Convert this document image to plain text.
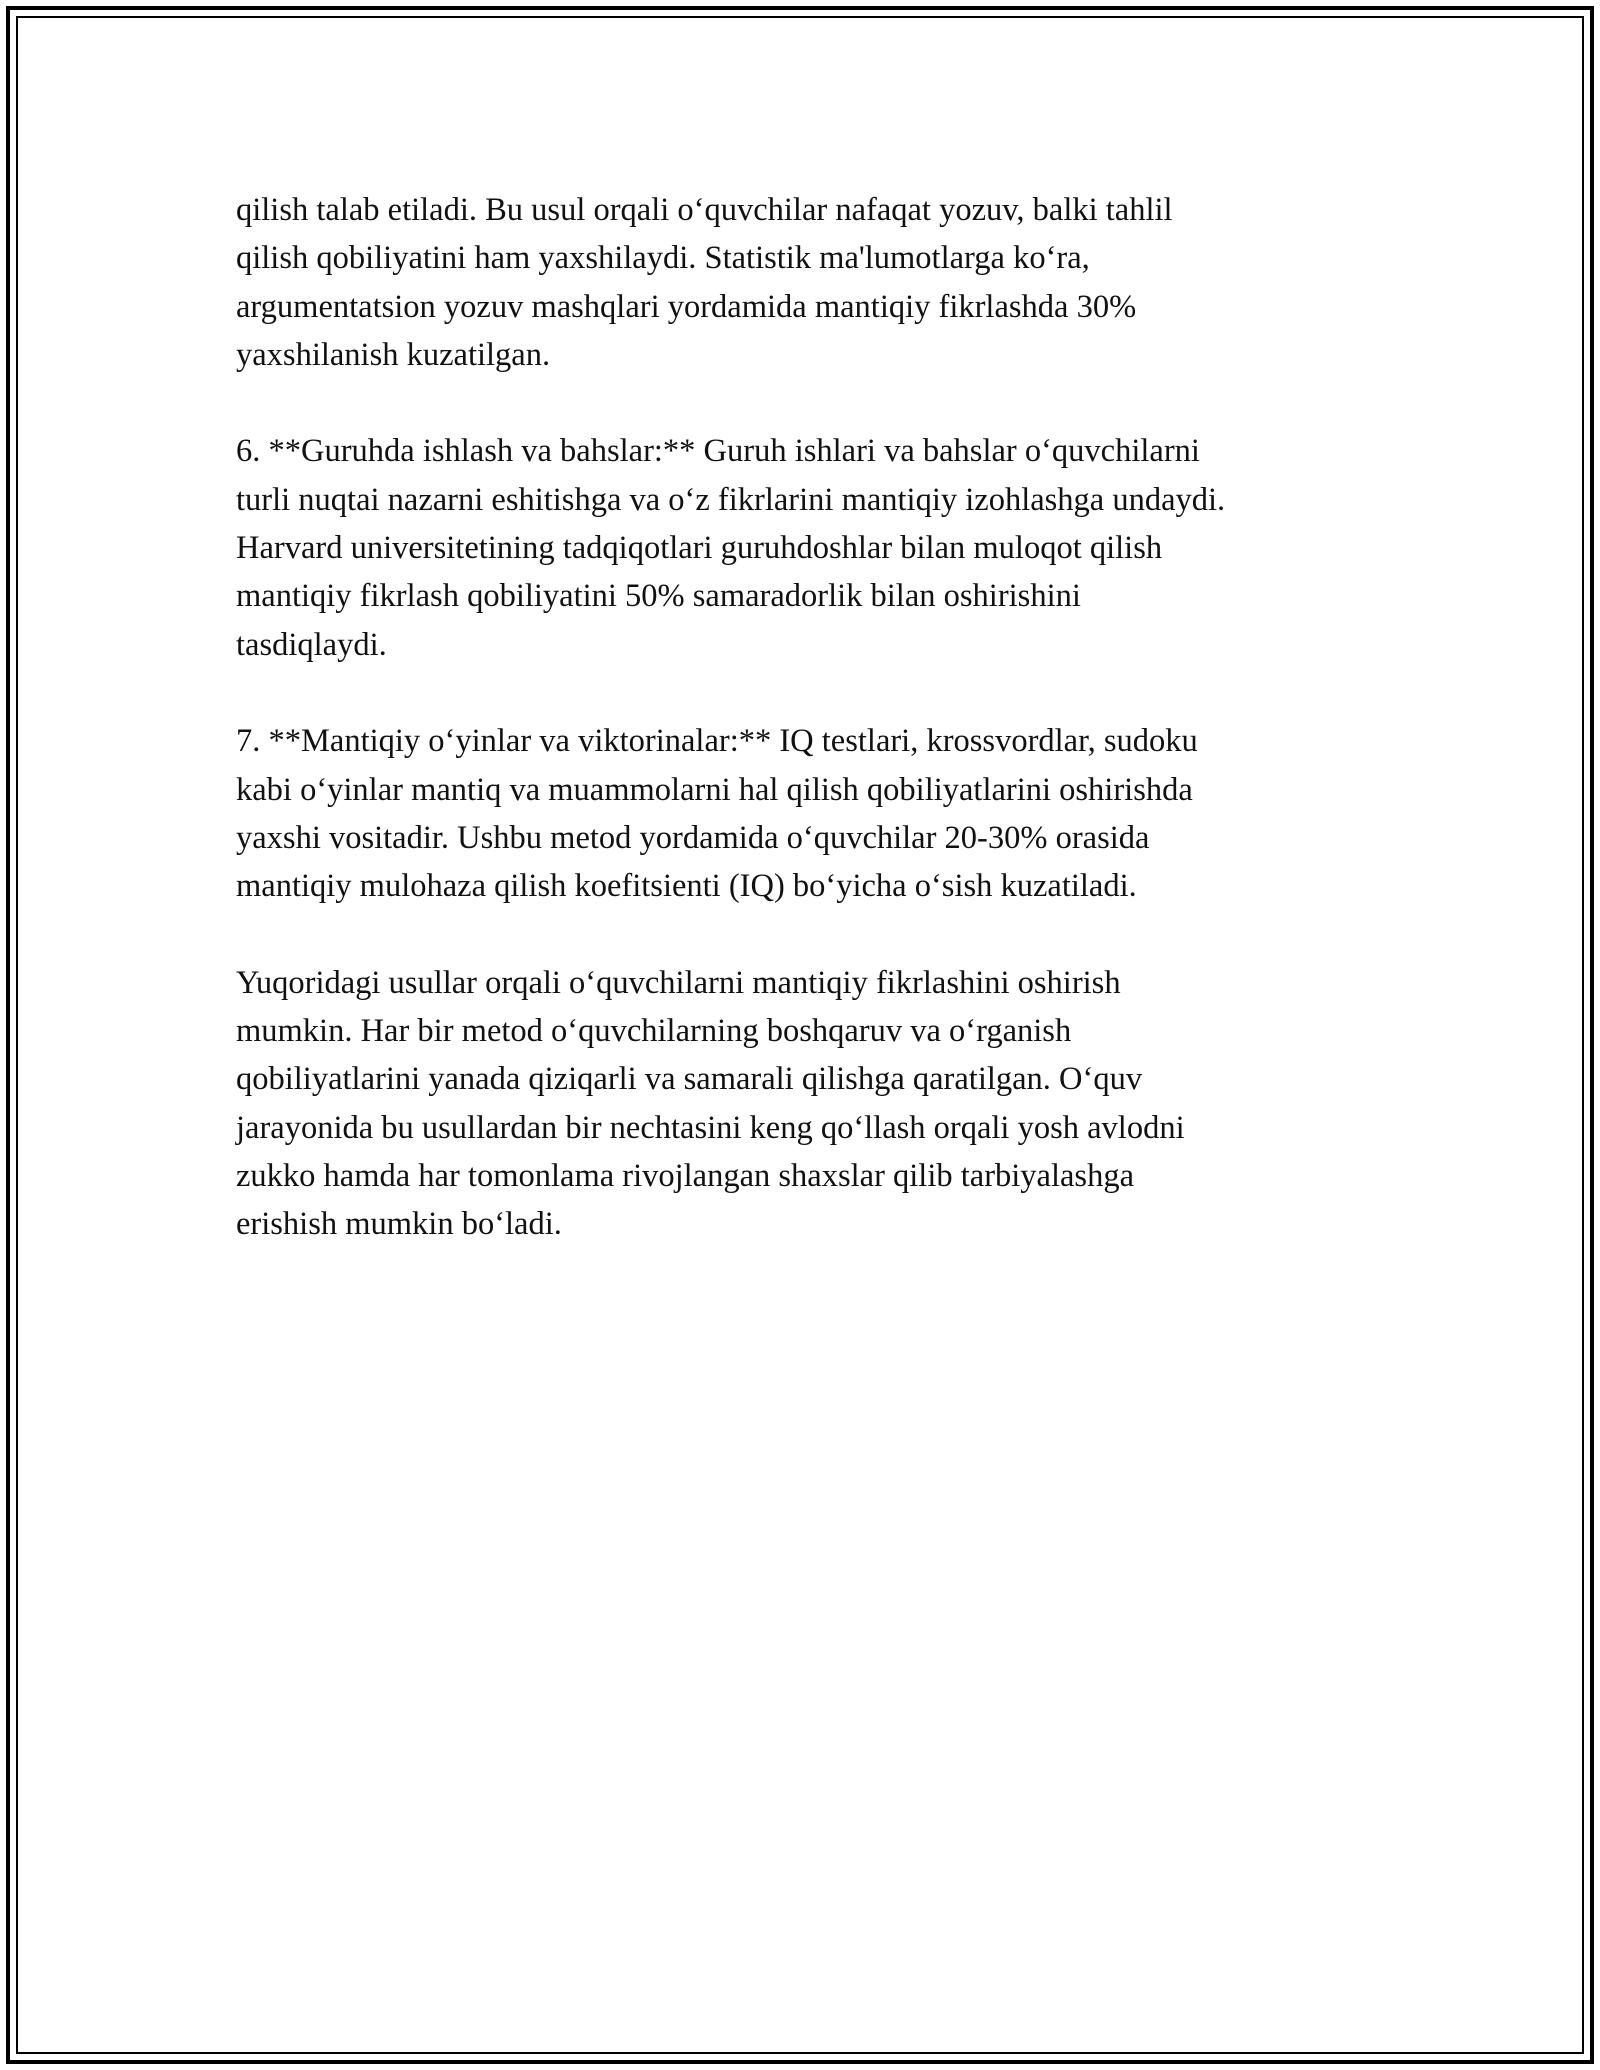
qilish talab etiladi. Bu usul orqali oʻquvchilar nafaqat yozuv, balki tahlil
qilish qobiliyatini ham yaxshilaydi. Statistik ma'lumotlarga koʻra,
argumentatsion yozuv mashqlari yordamida mantiqiy fikrlashda 30%
yaxshilanish kuzatilgan.

6. **Guruhda ishlash va bahslar:** Guruh ishlari va bahslar oʻquvchilarni
turli nuqtai nazarni eshitishga va oʻz fikrlarini mantiqiy izohlashga undaydi.
Harvard universitetining tadqiqotlari guruhdoshlar bilan muloqot qilish
mantiqiy fikrlash qobiliyatini 50% samaradorlik bilan oshirishini
tasdiqlaydi.

7. **Mantiqiy oʻyinlar va viktorinalar:** IQ testlari, krossvordlar, sudoku
kabi oʻyinlar mantiq va muammolarni hal qilish qobiliyatlarini oshirishda
yaxshi vositadir. Ushbu metod yordamida oʻquvchilar 20-30% orasida
mantiqiy mulohaza qilish koefitsienti (IQ) boʻyicha oʻsish kuzatiladi.

Yuqoridagi usullar orqali oʻquvchilarni mantiqiy fikrlashini oshirish
mumkin. Har bir metod oʻquvchilarning boshqaruv va oʻrganish
qobiliyatlarini yanada qiziqarli va samarali qilishga qaratilgan. Oʻquv
jarayonida bu usullardan bir nechtasini keng qoʻllash orqali yosh avlodni
zukko hamda har tomonlama rivojlangan shaxslar qilib tarbiyalashga
erishish mumkin boʻladi.
